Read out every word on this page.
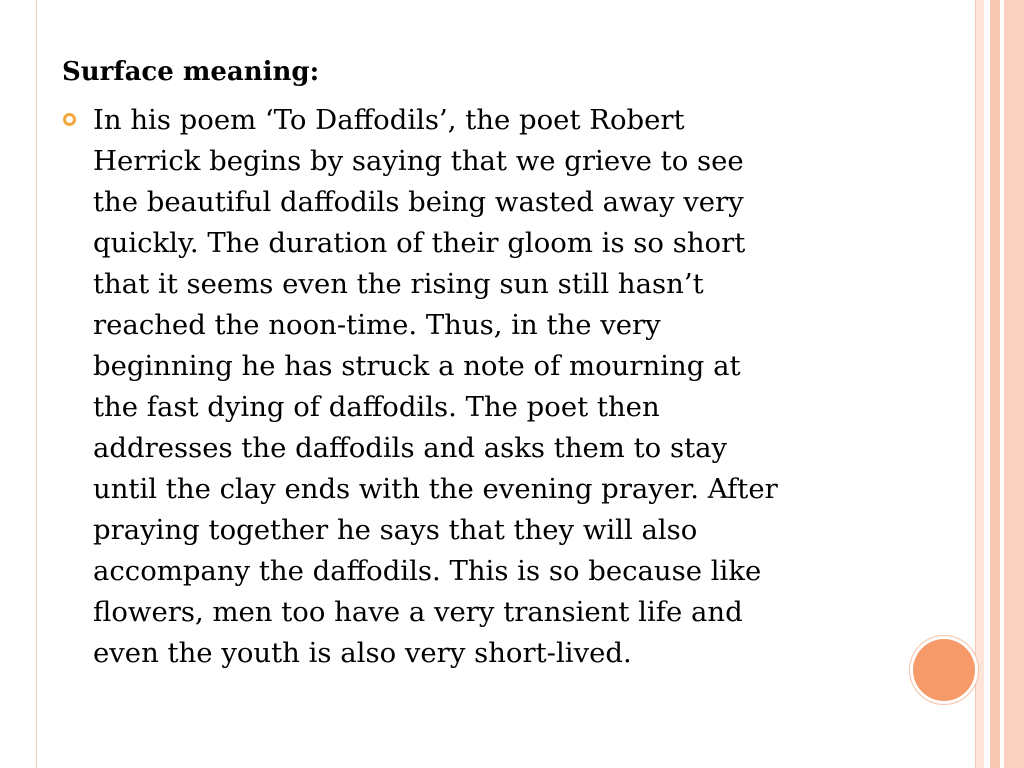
Surface meaning:

In his poem ‘To Daffodils’, the poet Robert
Herrick begins by saying that we grieve to see
the beautiful daffodils being wasted away very
quickly. The duration of their gloom is so short
that it seems even the rising sun still hasn’t
reached the noon-time. Thus, in the very
beginning he has struck a note of mourning at
the fast dying of daffodils. The poet then
addresses the daffodils and asks them to stay
until the clay ends with the evening prayer. After
praying together he says that they will also
accompany the daffodils. This is so because like
flowers, men too have a very transient life and
even the youth is also very short-lived.
